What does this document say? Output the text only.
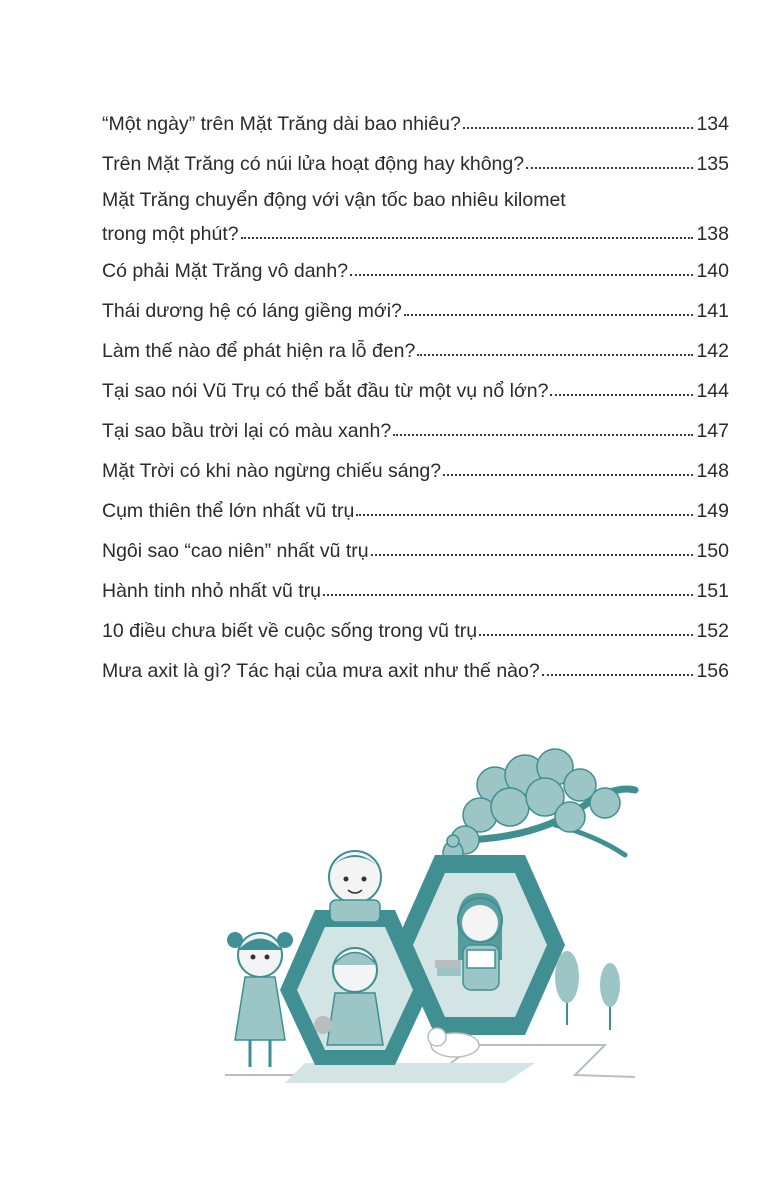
“Một ngày” trên Mặt Trăng dài bao nhiêu?	134
Trên Mặt Trăng có núi lửa hoạt động hay không?	135
Mặt Trăng chuyển động với vận tốc bao nhiêu kilomet
trong một phút?	138
Có phải Mặt Trăng vô danh?	140
Thái dương hệ có láng giềng mới?	141
Làm thế nào để phát hiện ra lỗ đen?	142
Tại sao nói Vũ Trụ có thể bắt đầu từ một vụ nổ lớn?	144
Tại sao bầu trời lại có màu xanh?	147
Mặt Trời có khi nào ngừng chiếu sáng?	148
Cụm thiên thể lớn nhất vũ trụ	149
Ngôi sao “cao niên” nhất vũ trụ	150
Hành tinh nhỏ nhất vũ trụ	151
10 điều chưa biết về cuộc sống trong vũ trụ	152
Mưa axit là gì? Tác hại của mưa axit như thế nào?	156
